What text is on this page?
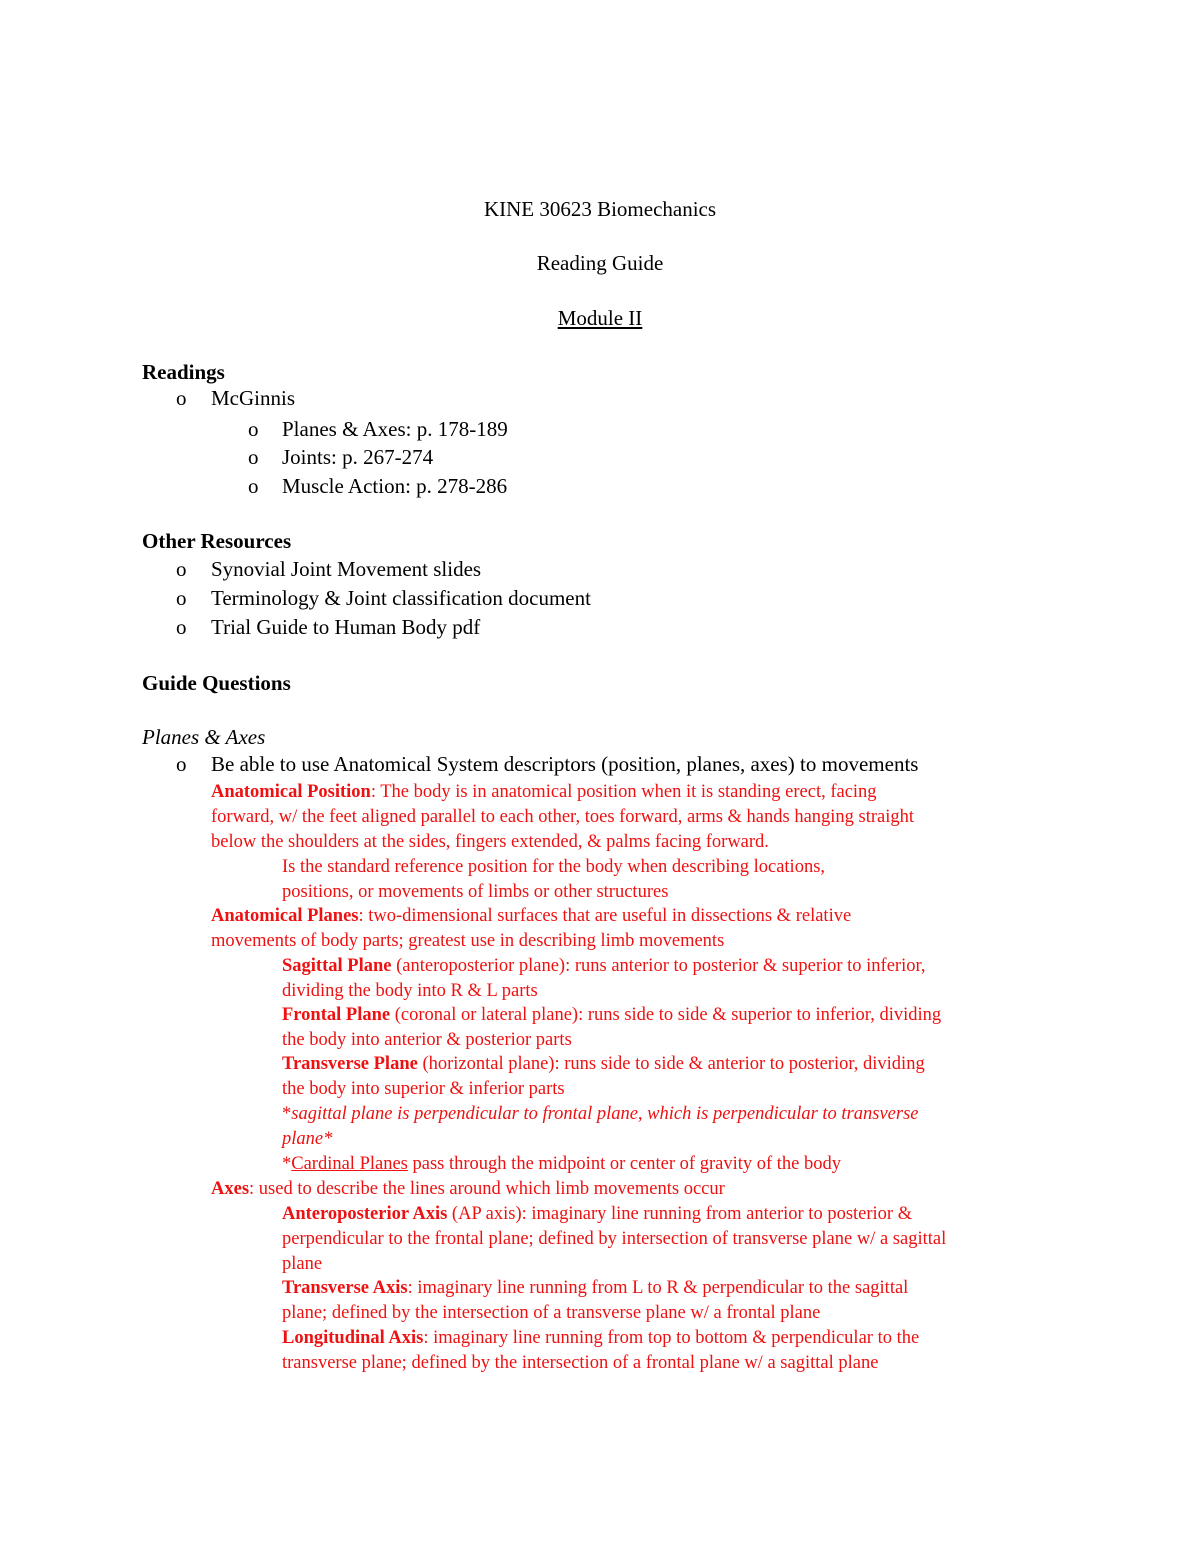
KINE 30623 Biomechanics
Reading Guide
Module II
Readings
o McGinnis
o Planes & Axes: p. 178-189
o Joints: p. 267-274
o Muscle Action: p. 278-286
Other Resources
o Synovial Joint Movement slides
o Terminology & Joint classification document
o Trial Guide to Human Body pdf
Guide Questions
Planes & Axes
o Be able to use Anatomical System descriptors (position, planes, axes) to movements
Anatomical Position: The body is in anatomical position when it is standing erect, facing
forward, w/ the feet aligned parallel to each other, toes forward, arms & hands hanging straight
below the shoulders at the sides, fingers extended, & palms facing forward.
Is the standard reference position for the body when describing locations,
positions, or movements of limbs or other structures
Anatomical Planes: two-dimensional surfaces that are useful in dissections & relative
movements of body parts; greatest use in describing limb movements
Sagittal Plane (anteroposterior plane): runs anterior to posterior & superior to inferior,
dividing the body into R & L parts
Frontal Plane (coronal or lateral plane): runs side to side & superior to inferior, dividing
the body into anterior & posterior parts
Transverse Plane (horizontal plane): runs side to side & anterior to posterior, dividing
the body into superior & inferior parts
*sagittal plane is perpendicular to frontal plane, which is perpendicular to transverse
plane*
*Cardinal Planes pass through the midpoint or center of gravity of the body
Axes: used to describe the lines around which limb movements occur
Anteroposterior Axis (AP axis): imaginary line running from anterior to posterior &
perpendicular to the frontal plane; defined by intersection of transverse plane w/ a sagittal
plane
Transverse Axis: imaginary line running from L to R & perpendicular to the sagittal
plane; defined by the intersection of a transverse plane w/ a frontal plane
Longitudinal Axis: imaginary line running from top to bottom & perpendicular to the
transverse plane; defined by the intersection of a frontal plane w/ a sagittal plane
